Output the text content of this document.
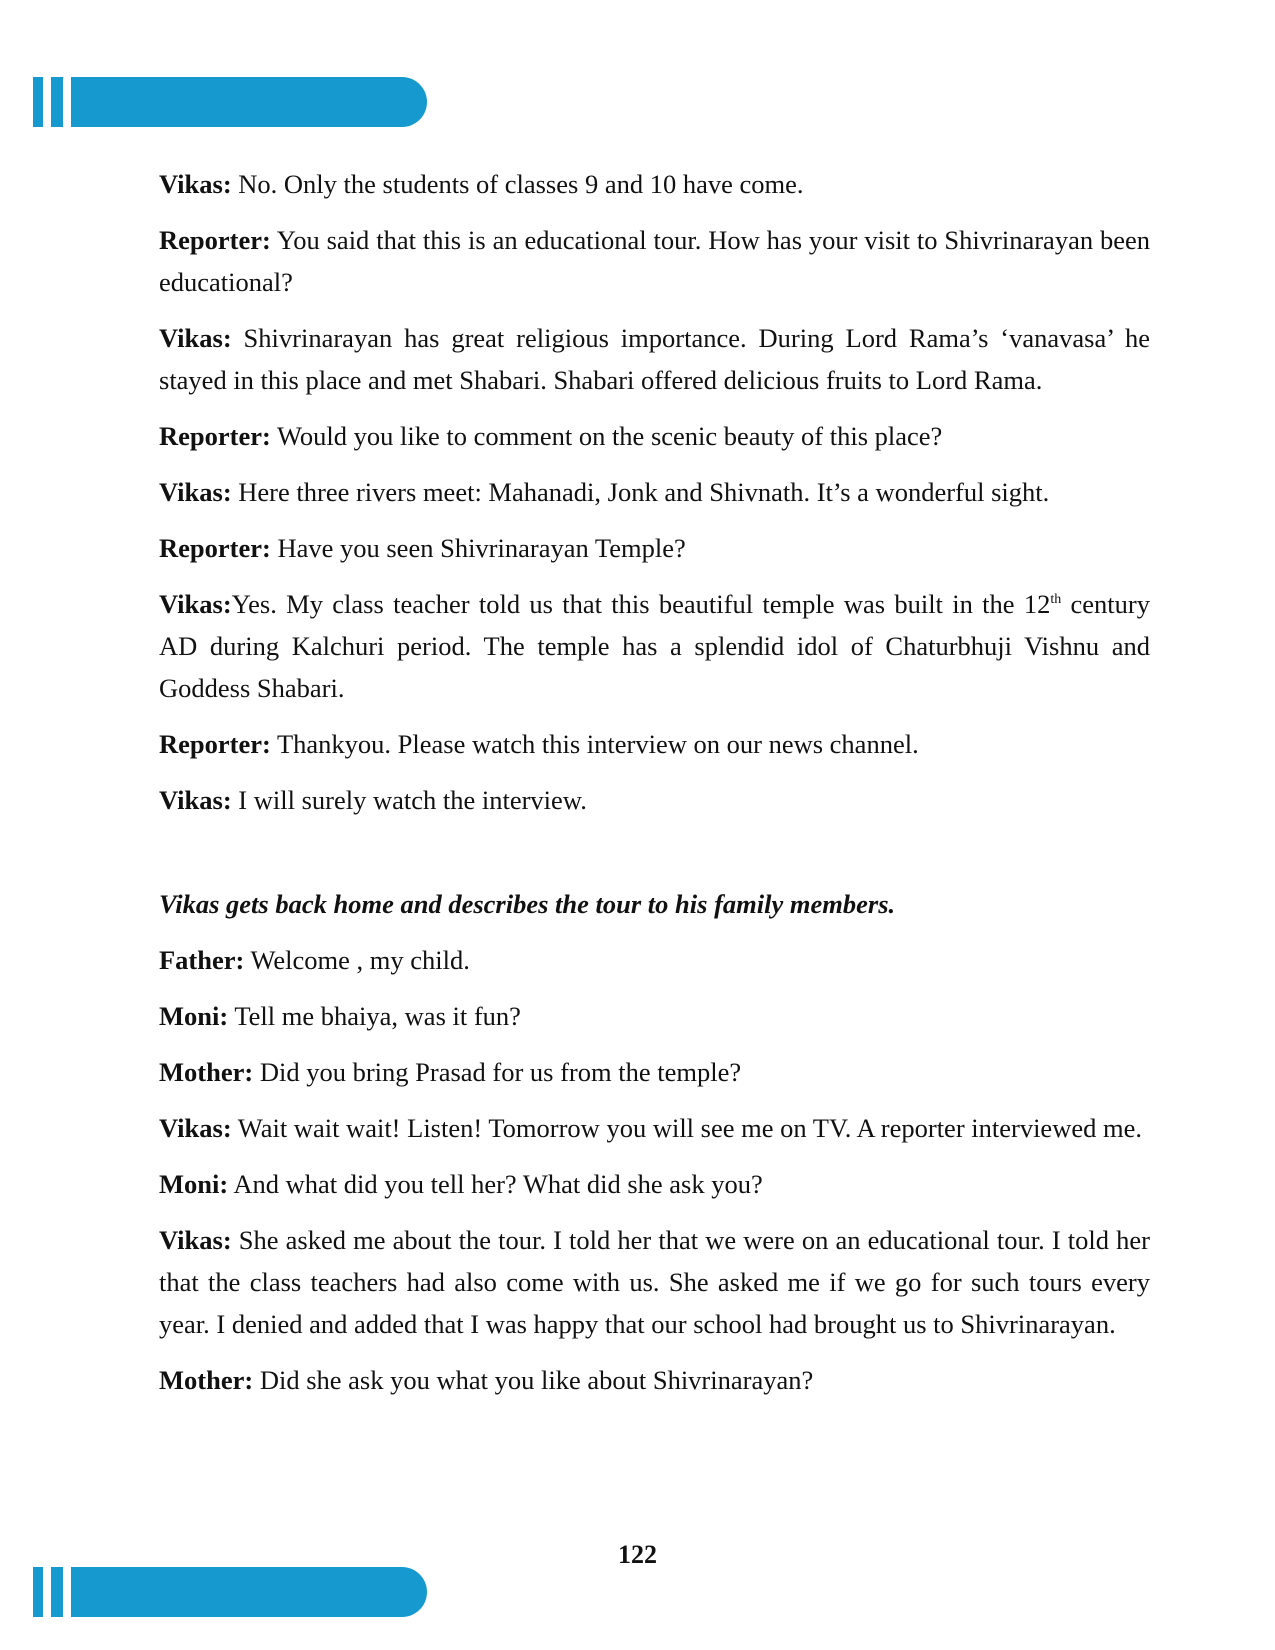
Vikas: No. Only the students of classes 9 and 10 have come.

Reporter: You said that this is an educational tour. How has your visit to Shivrinarayan been educational?

Vikas: Shivrinarayan has great religious importance. During Lord Rama’s ‘vanavasa’ he stayed in this place and met Shabari. Shabari offered delicious fruits to Lord Rama.

Reporter: Would you like to comment on the scenic beauty of this place?

Vikas: Here three rivers meet: Mahanadi, Jonk and Shivnath. It’s a wonderful sight.

Reporter: Have you seen Shivrinarayan Temple?

Vikas:Yes. My class teacher told us that this beautiful temple was built in the 12th century AD during Kalchuri period. The temple has a splendid idol of Chaturbhuji Vishnu and Goddess Shabari.

Reporter: Thankyou. Please watch this interview on our news channel.

Vikas: I will surely watch the interview.

Vikas gets back home and describes the tour to his family members.

Father: Welcome , my child.

Moni: Tell me bhaiya, was it fun?

Mother: Did you bring Prasad for us from the temple?

Vikas: Wait wait wait! Listen! Tomorrow you will see me on TV. A reporter interviewed me.

Moni: And what did you tell her? What did she ask you?

Vikas: She asked me about the tour. I told her that we were on an educational tour. I told her that the class teachers had also come with us. She asked me if we go for such tours every year. I denied and added that I was happy that our school had brought us to Shivrinarayan.

Mother: Did she ask you what you like about Shivrinarayan?

122
